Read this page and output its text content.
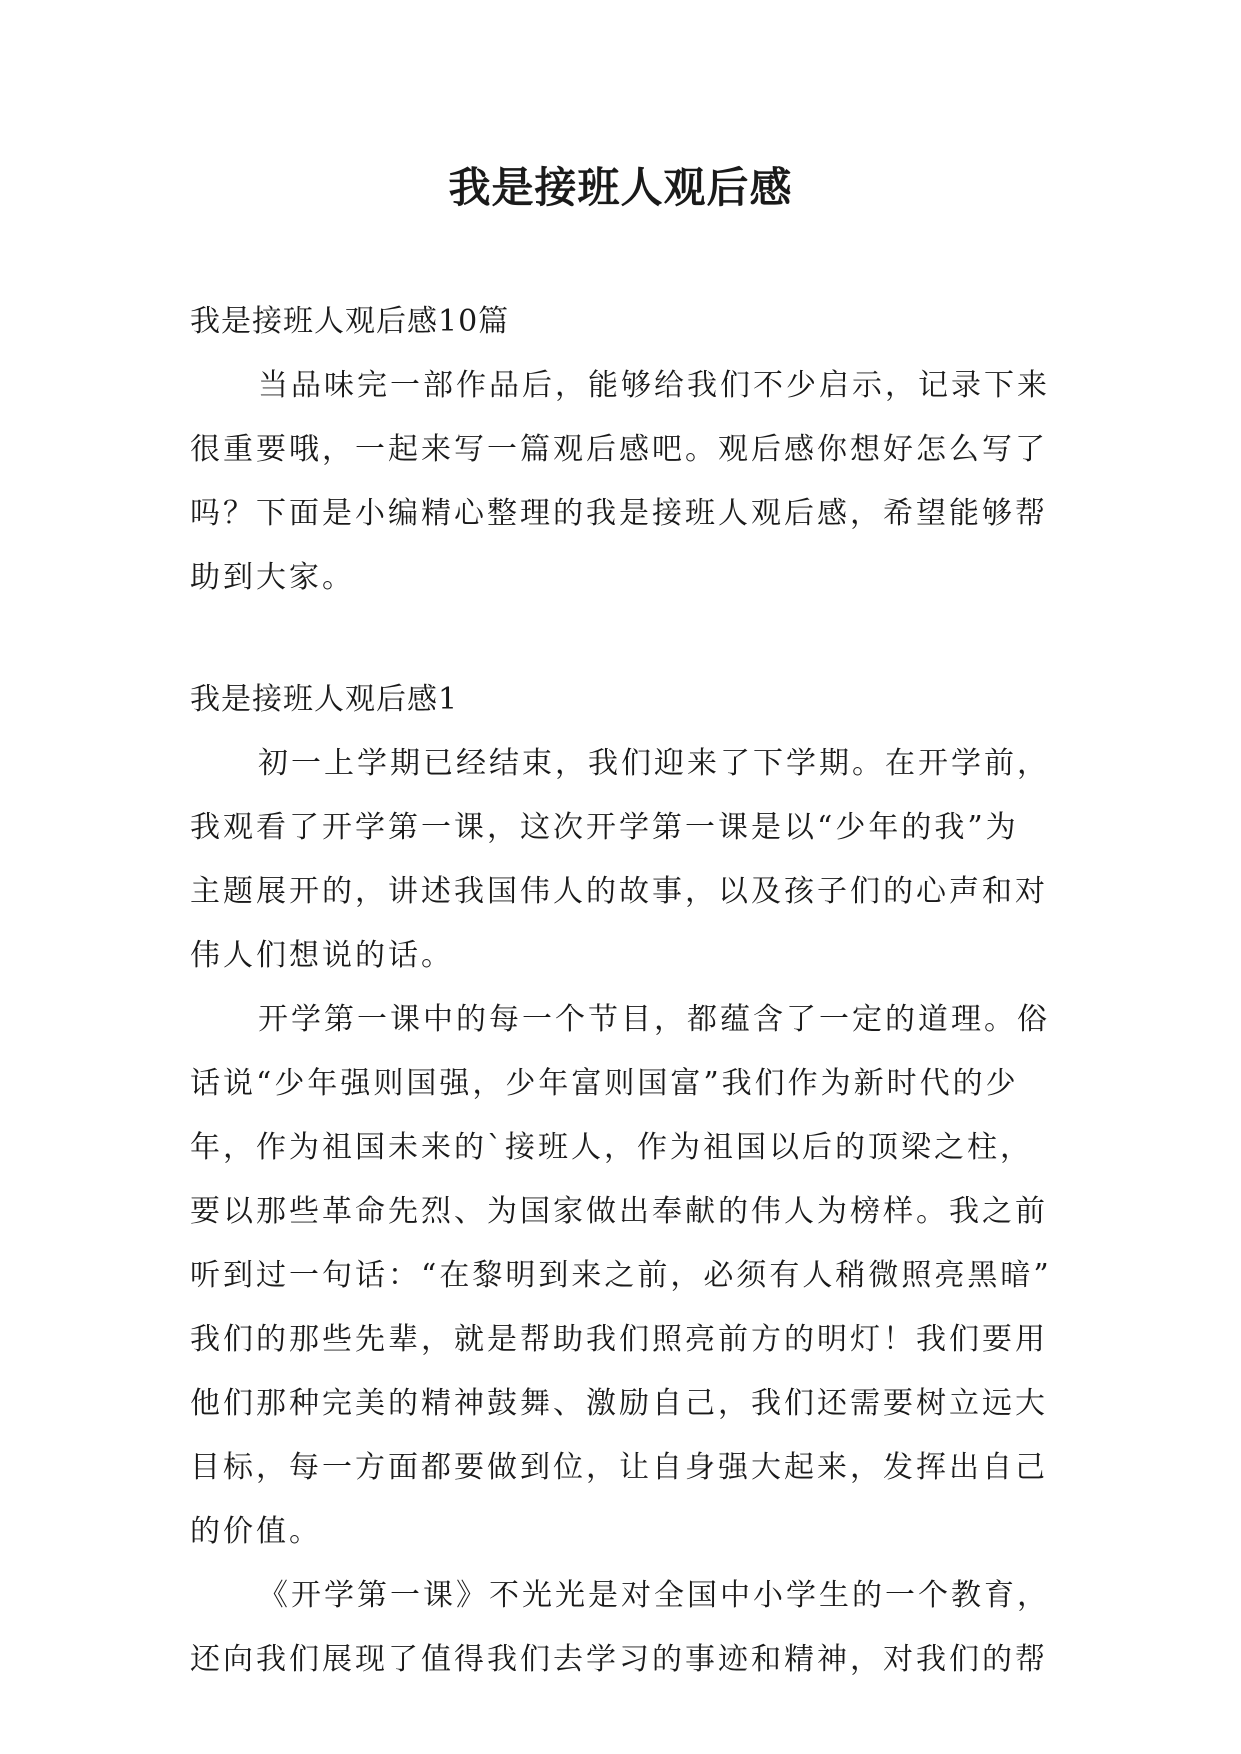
我是接班人观后感
我是接班人观后感10篇
当品味完一部作品后，能够给我们不少启示，记录下来
很重要哦，一起来写一篇观后感吧。观后感你想好怎么写了
吗？下面是小编精心整理的我是接班人观后感，希望能够帮
助到大家。
我是接班人观后感1
初一上学期已经结束，我们迎来了下学期。在开学前，
我观看了开学第一课，这次开学第一课是以“少年的我”为
主题展开的，讲述我国伟人的故事，以及孩子们的心声和对
伟人们想说的话。
开学第一课中的每一个节目，都蕴含了一定的道理。俗
话说“少年强则国强，少年富则国富”我们作为新时代的少
年，作为祖国未来的`接班人，作为祖国以后的顶梁之柱，
要以那些革命先烈、为国家做出奉献的伟人为榜样。我之前
听到过一句话：“在黎明到来之前，必须有人稍微照亮黑暗”
我们的那些先辈，就是帮助我们照亮前方的明灯！我们要用
他们那种完美的精神鼓舞、激励自己，我们还需要树立远大
目标，每一方面都要做到位，让自身强大起来，发挥出自己
的价值。
《开学第一课》不光光是对全国中小学生的一个教育，
还向我们展现了值得我们去学习的事迹和精神，对我们的帮
